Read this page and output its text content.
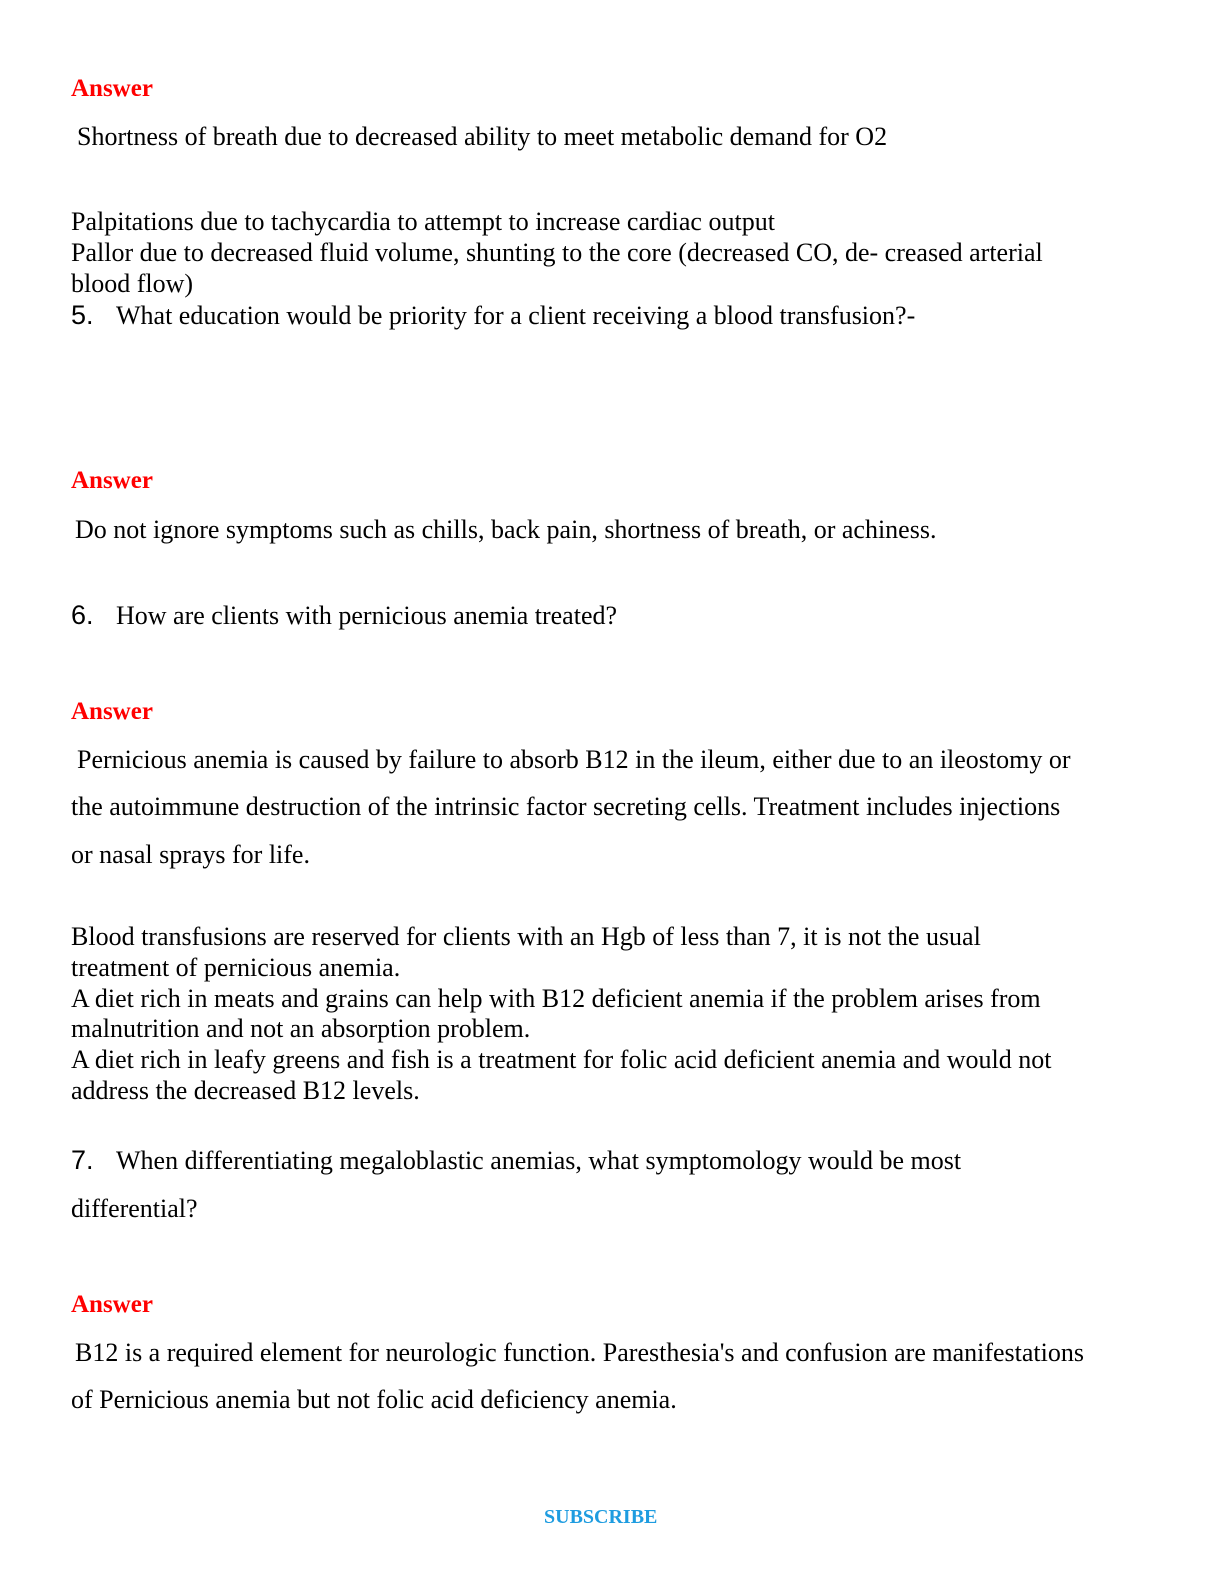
Answer
Shortness of breath due to decreased ability to meet metabolic demand for O2
Palpitations due to tachycardia to attempt to increase cardiac output
Pallor due to decreased fluid volume, shunting to the core (decreased CO, de- creased arterial
blood flow)
5. What education would be priority for a client receiving a blood transfusion?-
Answer
Do not ignore symptoms such as chills, back pain, shortness of breath, or achiness.
6. How are clients with pernicious anemia treated?
Answer
Pernicious anemia is caused by failure to absorb B12 in the ileum, either due to an ileostomy or
the autoimmune destruction of the intrinsic factor secreting cells. Treatment includes injections
or nasal sprays for life.
Blood transfusions are reserved for clients with an Hgb of less than 7, it is not the usual
treatment of pernicious anemia.
A diet rich in meats and grains can help with B12 deficient anemia if the problem arises from
malnutrition and not an absorption problem.
A diet rich in leafy greens and fish is a treatment for folic acid deficient anemia and would not
address the decreased B12 levels.
7. When differentiating megaloblastic anemias, what symptomology would be most
differential?
Answer
B12 is a required element for neurologic function. Paresthesia's and confusion are manifestations
of Pernicious anemia but not folic acid deficiency anemia.
SUBSCRIBE
